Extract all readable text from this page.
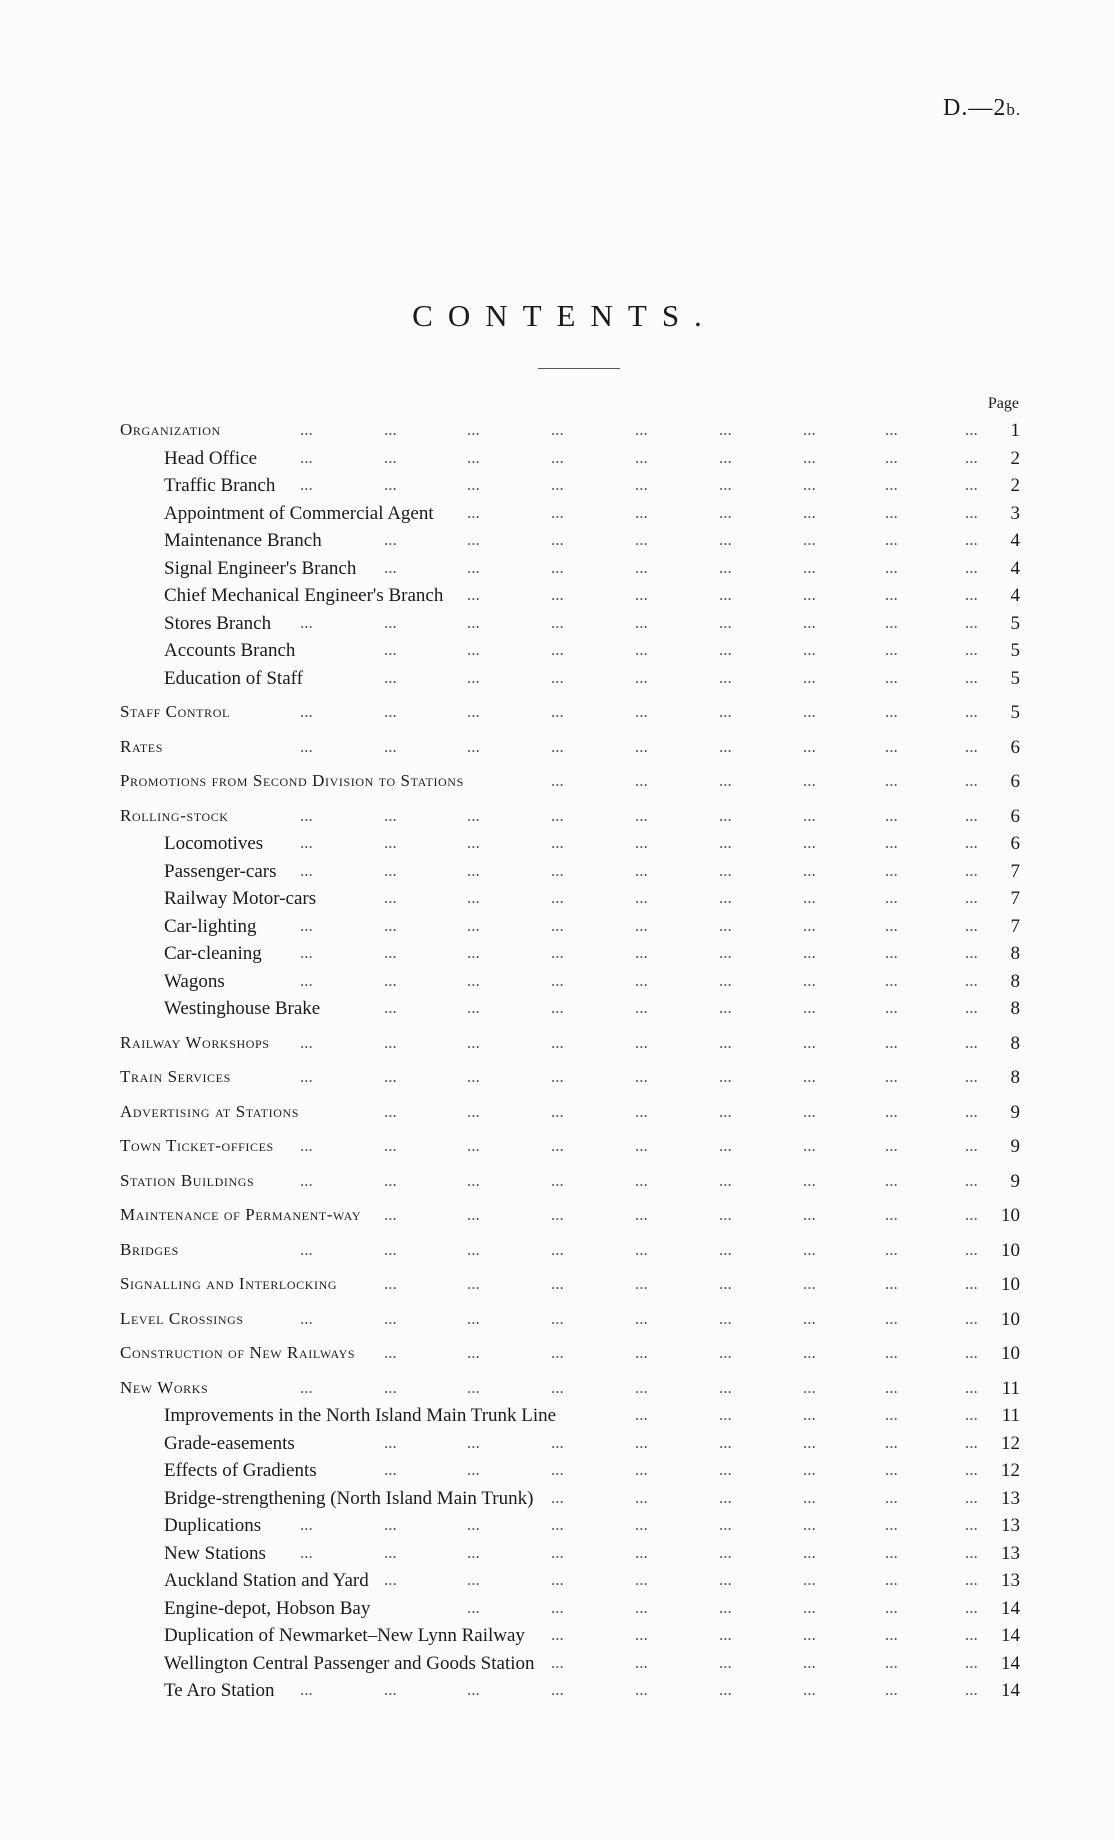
D.—2b.
CONTENTS.
Page
Organization	1
...	...	...	...	...	...	...	...	...
Head Office	2
...	...	...	...	...	...	...	...	...
Traffic Branch	2
...	...	...	...	...	...	...	...	...
Appointment of Commercial Agent	3
...	...	...	...	...	...	...
Maintenance Branch	4
...	...	...	...	...	...	...	...
Signal Engineer's Branch	4
...	...	...	...	...	...	...	...
Chief Mechanical Engineer's Branch	4
...	...	...	...	...	...	...
Stores Branch	5
...	...	...	...	...	...	...	...	...
Accounts Branch	5
...	...	...	...	...	...	...	...
Education of Staff	5
...	...	...	...	...	...	...	...
Staff Control	5
...	...	...	...	...	...	...	...	...
Rates	6
...	...	...	...	...	...	...	...	...
Promotions from Second Division to Stations	6
...	...	...	...	...	...
Rolling-stock	6
...	...	...	...	...	...	...	...	...
Locomotives	6
...	...	...	...	...	...	...	...	...
Passenger-cars	7
...	...	...	...	...	...	...	...	...
Railway Motor-cars	7
...	...	...	...	...	...	...	...
Car-lighting	7
...	...	...	...	...	...	...	...	...
Car-cleaning	8
...	...	...	...	...	...	...	...	...
Wagons	8
...	...	...	...	...	...	...	...	...
Westinghouse Brake	8
...	...	...	...	...	...	...	...
Railway Workshops	8
...	...	...	...	...	...	...	...	...
Train Services	8
...	...	...	...	...	...	...	...	...
Advertising at Stations	9
...	...	...	...	...	...	...	...
Town Ticket-offices	9
...	...	...	...	...	...	...	...	...
Station Buildings	9
...	...	...	...	...	...	...	...	...
Maintenance of Permanent-way	10
...	...	...	...	...	...	...	...
Bridges	10
...	...	...	...	...	...	...	...	...
Signalling and Interlocking	10
...	...	...	...	...	...	...	...
Level Crossings	10
...	...	...	...	...	...	...	...	...
Construction of New Railways	10
...	...	...	...	...	...	...	...
New Works	11
...	...	...	...	...	...	...	...	...
Improvements in the North Island Main Trunk Line	11
...	...	...	...	...
Grade-easements	12
...	...	...	...	...	...	...	...
Effects of Gradients	12
...	...	...	...	...	...	...	...
Bridge-strengthening (North Island Main Trunk)	13
...	...	...	...	...	...
Duplications	13
...	...	...	...	...	...	...	...	...
New Stations	13
...	...	...	...	...	...	...	...	...
Auckland Station and Yard	13
...	...	...	...	...	...	...	...
Engine-depot, Hobson Bay	14
...	...	...	...	...	...	...
Duplication of Newmarket–New Lynn Railway	14
...	...	...	...	...	...
Wellington Central Passenger and Goods Station	14
...	...	...	...	...	...
Te Aro Station	14
...	...	...	...	...	...	...	...	...
